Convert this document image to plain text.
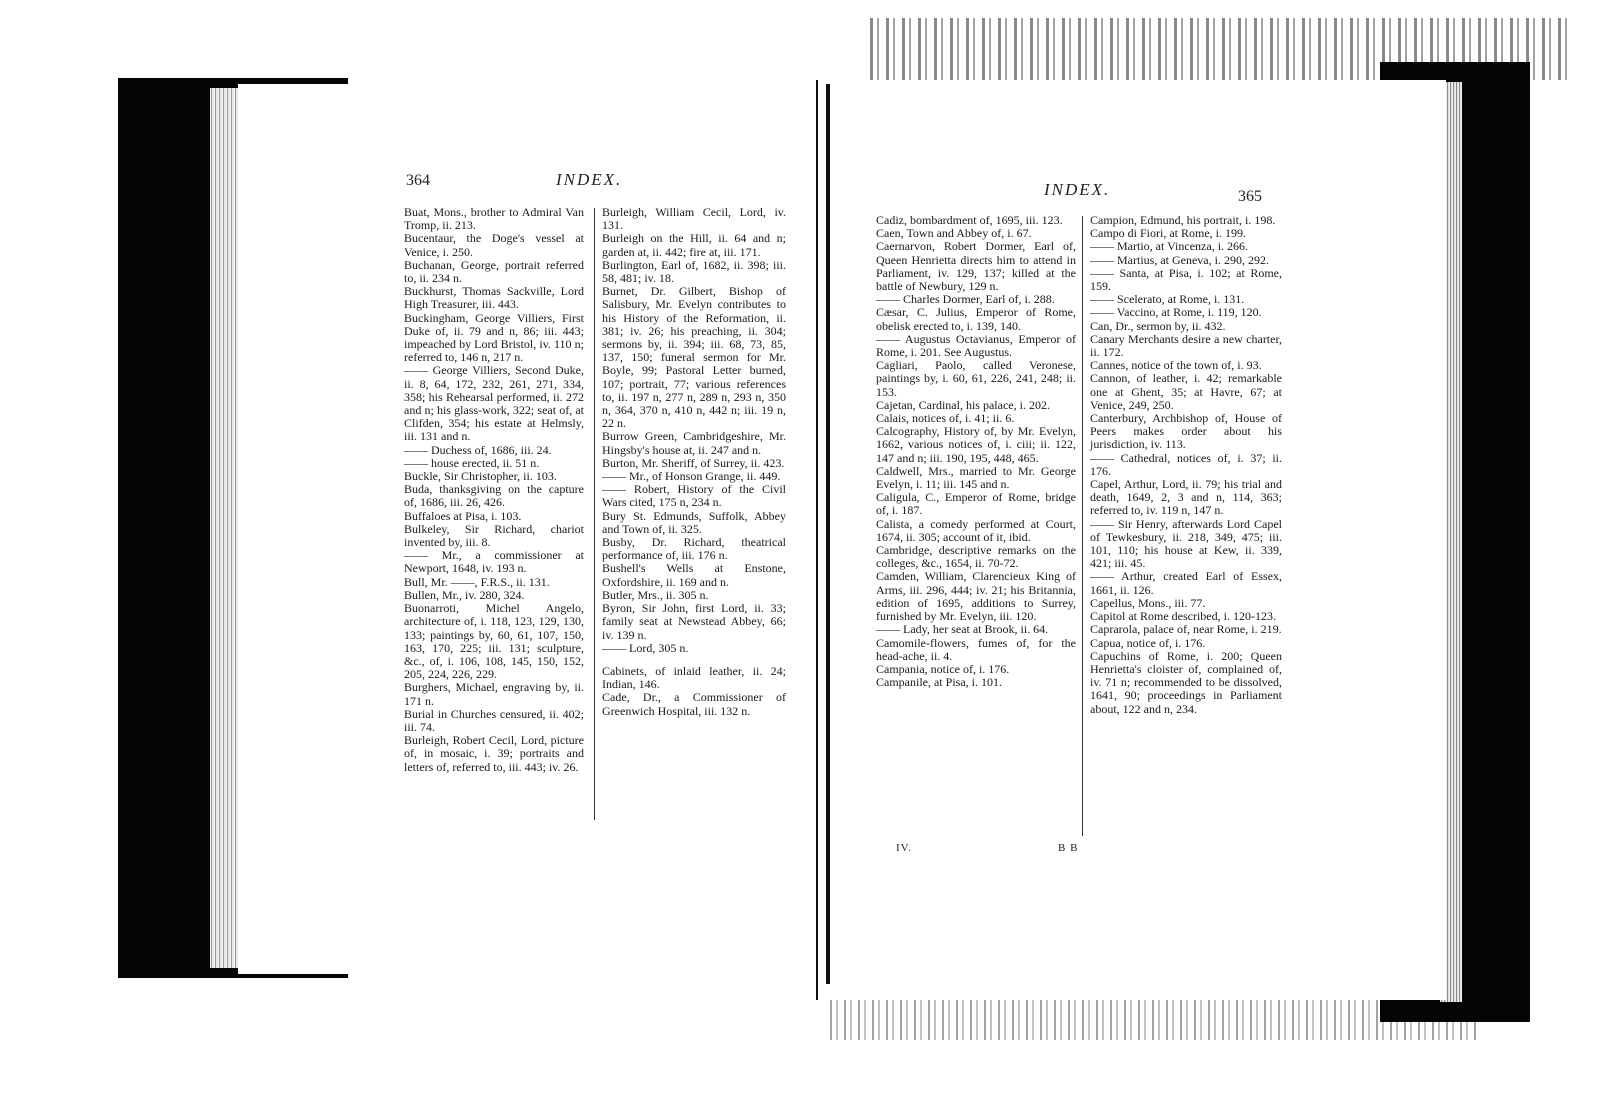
364	INDEX.
INDEX.	365

Buat, Mons., brother to Admiral Van Tromp, ii. 213.

Bucentaur, the Doge's vessel at Venice, i. 250.

Buchanan, George, portrait referred to, ii. 234 n.

Buckhurst, Thomas Sackville, Lord High Treasurer, iii. 443.

Buckingham, George Villiers, First Duke of, ii. 79 and n, 86; iii. 443; impeached by Lord Bristol, iv. 110 n; referred to, 146 n, 217 n.

—— George Villiers, Second Duke, ii. 8, 64, 172, 232, 261, 271, 334, 358; his Rehearsal performed, ii. 272 and n; his glass-work, 322; seat of, at Clifden, 354; his estate at Helmsly, iii. 131 and n.

—— Duchess of, 1686, iii. 24.

—— house erected, ii. 51 n.

Buckle, Sir Christopher, ii. 103.

Buda, thanksgiving on the capture of, 1686, iii. 26, 426.

Buffaloes at Pisa, i. 103.

Bulkeley, Sir Richard, chariot invented by, iii. 8.

—— Mr., a commissioner at Newport, 1648, iv. 193 n.

Bull, Mr. ——, F.R.S., ii. 131.

Bullen, Mr., iv. 280, 324.

Buonarroti, Michel Angelo, architecture of, i. 118, 123, 129, 130, 133; paintings by, 60, 61, 107, 150, 163, 170, 225; iii. 131; sculpture, &c., of, i. 106, 108, 145, 150, 152, 205, 224, 226, 229.

Burghers, Michael, engraving by, ii. 171 n.

Burial in Churches censured, ii. 402; iii. 74.

Burleigh, Robert Cecil, Lord, picture of, in mosaic, i. 39; portraits and letters of, referred to, iii. 443; iv. 26.

Burleigh, William Cecil, Lord, iv. 131.

Burleigh on the Hill, ii. 64 and n; garden at, ii. 442; fire at, iii. 171.

Burlington, Earl of, 1682, ii. 398; iii. 58, 481; iv. 18.

Burnet, Dr. Gilbert, Bishop of Salisbury, Mr. Evelyn contributes to his History of the Reformation, ii. 381; iv. 26; his preaching, ii. 304; sermons by, ii. 394; iii. 68, 73, 85, 137, 150; funeral sermon for Mr. Boyle, 99; Pastoral Letter burned, 107; portrait, 77; various references to, ii. 197 n, 277 n, 289 n, 293 n, 350 n, 364, 370 n, 410 n, 442 n; iii. 19 n, 22 n.

Burrow Green, Cambridgeshire, Mr. Hingsby's house at, ii. 247 and n.

Burton, Mr. Sheriff, of Surrey, ii. 423.

—— Mr., of Honson Grange, ii. 449.

—— Robert, History of the Civil Wars cited, 175 n, 234 n.

Bury St. Edmunds, Suffolk, Abbey and Town of, ii. 325.

Busby, Dr. Richard, theatrical performance of, iii. 176 n.

Bushell's Wells at Enstone, Oxfordshire, ii. 169 and n.

Butler, Mrs., ii. 305 n.

Byron, Sir John, first Lord, ii. 33; family seat at Newstead Abbey, 66; iv. 139 n.

—— Lord, 305 n.

Cabinets, of inlaid leather, ii. 24; Indian, 146.

Cade, Dr., a Commissioner of Greenwich Hospital, iii. 132 n.

Cadiz, bombardment of, 1695, iii. 123.

Caen, Town and Abbey of, i. 67.

Caernarvon, Robert Dormer, Earl of, Queen Henrietta directs him to attend in Parliament, iv. 129, 137; killed at the battle of Newbury, 129 n.

—— Charles Dormer, Earl of, i. 288.

Cæsar, C. Julius, Emperor of Rome, obelisk erected to, i. 139, 140.

—— Augustus Octavianus, Emperor of Rome, i. 201. See Augustus.

Cagliari, Paolo, called Veronese, paintings by, i. 60, 61, 226, 241, 248; ii. 153.

Cajetan, Cardinal, his palace, i. 202.

Calais, notices of, i. 41; ii. 6.

Calcography, History of, by Mr. Evelyn, 1662, various notices of, i. ciii; ii. 122, 147 and n; iii. 190, 195, 448, 465.

Caldwell, Mrs., married to Mr. George Evelyn, i. 11; iii. 145 and n.

Caligula, C., Emperor of Rome, bridge of, i. 187.

Calista, a comedy performed at Court, 1674, ii. 305; account of it, ibid.

Cambridge, descriptive remarks on the colleges, &c., 1654, ii. 70-72.

Camden, William, Clarencieux King of Arms, iii. 296, 444; iv. 21; his Britannia, edition of 1695, additions to Surrey, furnished by Mr. Evelyn, iii. 120.

—— Lady, her seat at Brook, ii. 64.

Camomile-flowers, fumes of, for the head-ache, ii. 4.

Campania, notice of, i. 176.

Campanile, at Pisa, i. 101.

Campion, Edmund, his portrait, i. 198.

Campo di Fiori, at Rome, i. 199.

—— Martio, at Vincenza, i. 266.

—— Martius, at Geneva, i. 290, 292.

—— Santa, at Pisa, i. 102; at Rome, 159.

—— Scelerato, at Rome, i. 131.

—— Vaccino, at Rome, i. 119, 120.

Can, Dr., sermon by, ii. 432.

Canary Merchants desire a new charter, ii. 172.

Cannes, notice of the town of, i. 93.

Cannon, of leather, i. 42; remarkable one at Ghent, 35; at Havre, 67; at Venice, 249, 250.

Canterbury, Archbishop of, House of Peers makes order about his jurisdiction, iv. 113.

—— Cathedral, notices of, i. 37; ii. 176.

Capel, Arthur, Lord, ii. 79; his trial and death, 1649, 2, 3 and n, 114, 363; referred to, iv. 119 n, 147 n.

—— Sir Henry, afterwards Lord Capel of Tewkesbury, ii. 218, 349, 475; iii. 101, 110; his house at Kew, ii. 339, 421; iii. 45.

—— Arthur, created Earl of Essex, 1661, ii. 126.

Capellus, Mons., iii. 77.

Capitol at Rome described, i. 120-123.

Caprarola, palace of, near Rome, i. 219.

Capua, notice of, i. 176.

Capuchins of Rome, i. 200; Queen Henrietta's cloister of, complained of, iv. 71 n; recommended to be dissolved, 1641, 90; proceedings in Parliament about, 122 and n, 234.

IV.	B B
